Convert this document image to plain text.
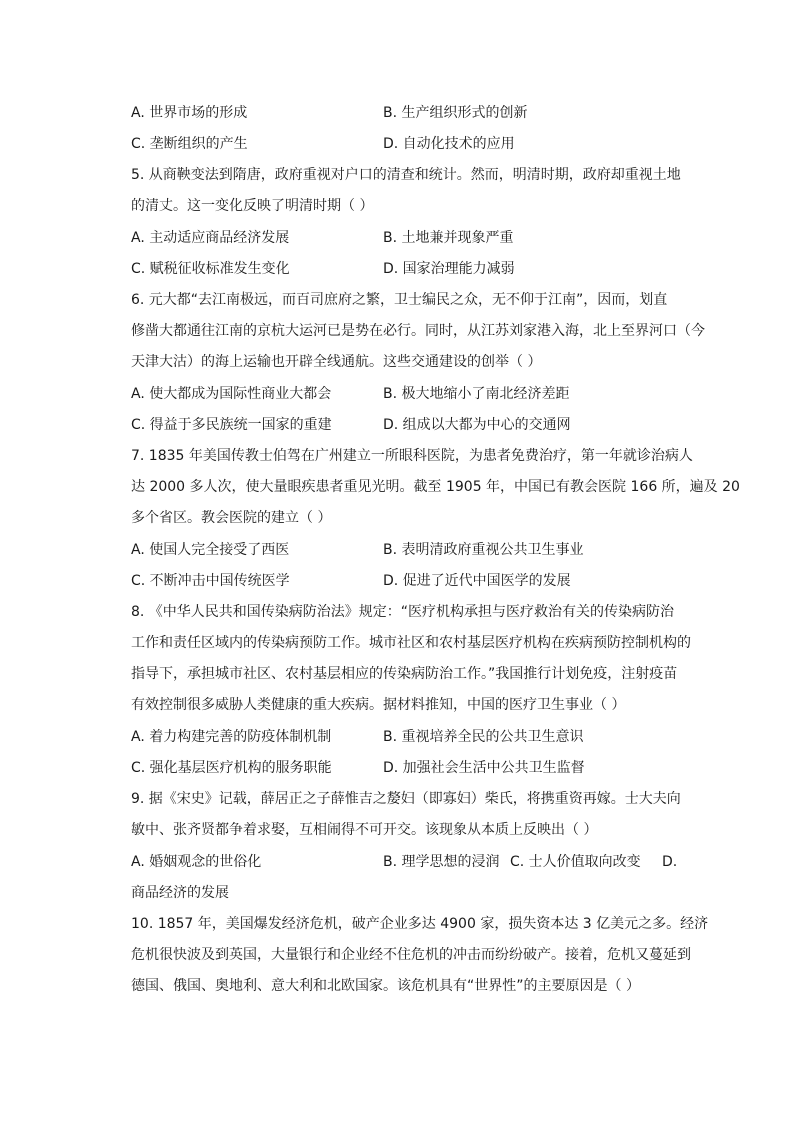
A. 世界市场的形成	B. 生产组织形式的创新
C. 垄断组织的产生	D. 自动化技术的应用
5. 从商鞅变法到隋唐，政府重视对户口的清查和统计。然而，明清时期，政府却重视土地
的清丈。这一变化反映了明清时期（ ）
A. 主动适应商品经济发展	B. 土地兼并现象严重
C. 赋税征收标准发生变化	D. 国家治理能力减弱
6. 元大都“去江南极远，而百司庶府之繁，卫士编民之众，无不仰于江南”，因而，划直
修凿大都通往江南的京杭大运河已是势在必行。同时，从江苏刘家港入海，北上至界河口（今
天津大沽）的海上运输也开辟全线通航。这些交通建设的创举（ ）
A. 使大都成为国际性商业大都会	B. 极大地缩小了南北经济差距
C. 得益于多民族统一国家的重建	D. 组成以大都为中心的交通网
7. 1835 年美国传教士伯驾在广州建立一所眼科医院，为患者免费治疗，第一年就诊治病人
达 2000 多人次，使大量眼疾患者重见光明。截至 1905 年，中国已有教会医院 166 所，遍及 20
多个省区。教会医院的建立（ ）
A. 使国人完全接受了西医	B. 表明清政府重视公共卫生事业
C. 不断冲击中国传统医学	D. 促进了近代中国医学的发展
8. 《中华人民共和国传染病防治法》规定：“医疗机构承担与医疗救治有关的传染病防治
工作和责任区域内的传染病预防工作。城市社区和农村基层医疗机构在疾病预防控制机构的
指导下，承担城市社区、农村基层相应的传染病防治工作。”我国推行计划免疫，注射疫苗
有效控制很多威胁人类健康的重大疾病。据材料推知，中国的医疗卫生事业（ ）
A. 着力构建完善的防疫体制机制	B. 重视培养全民的公共卫生意识
C. 强化基层医疗机构的服务职能	D. 加强社会生活中公共卫生监督
9. 据《宋史》记载，薛居正之子薛惟吉之嫠妇（即寡妇）柴氏，将携重资再嫁。士大夫向
敏中、张齐贤都争着求娶，互相闹得不可开交。该现象从本质上反映出（ ）
A. 婚姻观念的世俗化	B. 理学思想的浸润 C. 士人价值取向改变 D.
商品经济的发展
10. 1857 年，美国爆发经济危机，破产企业多达 4900 家，损失资本达 3 亿美元之多。经济
危机很快波及到英国，大量银行和企业经不住危机的冲击而纷纷破产。接着，危机又蔓延到
德国、俄国、奥地利、意大利和北欧国家。该危机具有“世界性”的主要原因是（ ）
